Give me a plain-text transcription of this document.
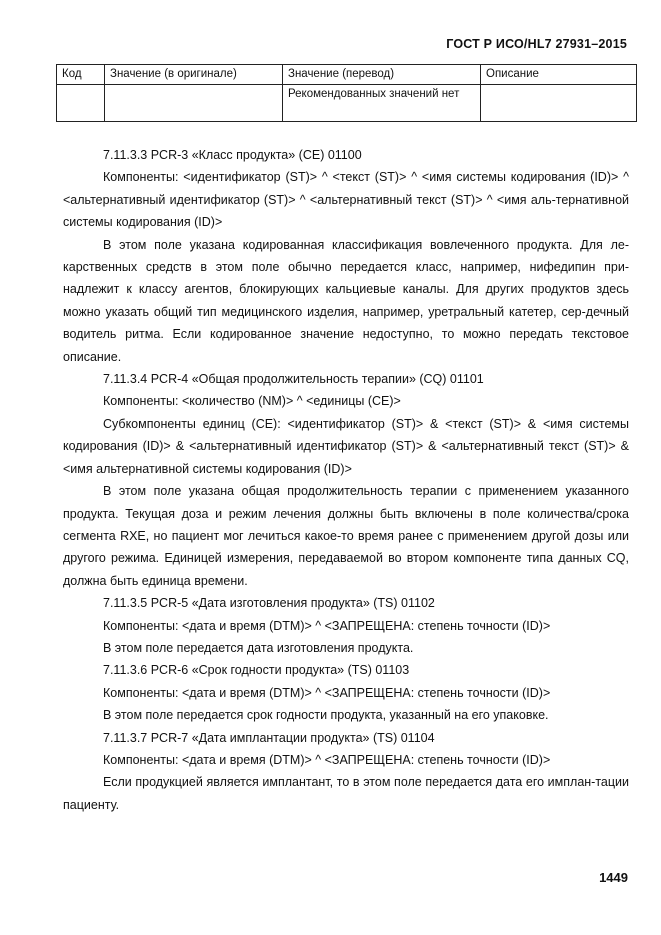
ГОСТ Р ИСО/HL7 27931–2015
Код	Значение (в оригинале)	Значение (перевод)	Описание
		Рекомендованных значений нет	

7.11.3.3 PCR-3 «Класс продукта» (CE) 01100

Компоненты: <идентификатор (ST)> ^ <текст (ST)> ^ <имя системы кодирования (ID)> ^ <альтернативный идентификатор (ST)> ^ <альтернативный текст (ST)> ^ <имя аль-тернативной системы кодирования (ID)>

В этом поле указана кодированная классификация вовлеченного продукта. Для ле-карственных средств в этом поле обычно передается класс, например, нифедипин при-надлежит к классу агентов, блокирующих кальциевые каналы. Для других продуктов здесь можно указать общий тип медицинского изделия, например, уретральный катетер, сер-дечный водитель ритма. Если кодированное значение недоступно, то можно передать текстовое описание.

7.11.3.4 PCR-4 «Общая продолжительность терапии» (CQ) 01101

Компоненты: <количество (NM)> ^ <единицы (CE)>

Субкомпоненты единиц (CE): <идентификатор (ST)> & <текст (ST)> & <имя системы кодирования (ID)> & <альтернативный идентификатор (ST)> & <альтернативный текст (ST)> & <имя альтернативной системы кодирования (ID)>

В этом поле указана общая продолжительность терапии с применением указанного продукта. Текущая доза и режим лечения должны быть включены в поле количества/срока сегмента RXE, но пациент мог лечиться какое-то время ранее с применением другой дозы или другого режима. Единицей измерения, передаваемой во втором компоненте типа данных CQ, должна быть единица времени.

7.11.3.5 PCR-5 «Дата изготовления продукта» (TS) 01102

Компоненты: <дата и время (DTM)> ^ <ЗАПРЕЩЕНА: степень точности (ID)>

В этом поле передается дата изготовления продукта.

7.11.3.6 PCR-6 «Срок годности продукта» (TS) 01103

Компоненты: <дата и время (DTM)> ^ <ЗАПРЕЩЕНА: степень точности (ID)>

В этом поле передается срок годности продукта, указанный на его упаковке.

7.11.3.7 PCR-7 «Дата имплантации продукта» (TS) 01104

Компоненты: <дата и время (DTM)> ^ <ЗАПРЕЩЕНА: степень точности (ID)>

Если продукцией является имплантант, то в этом поле передается дата его имплан-тации пациенту.

1449
